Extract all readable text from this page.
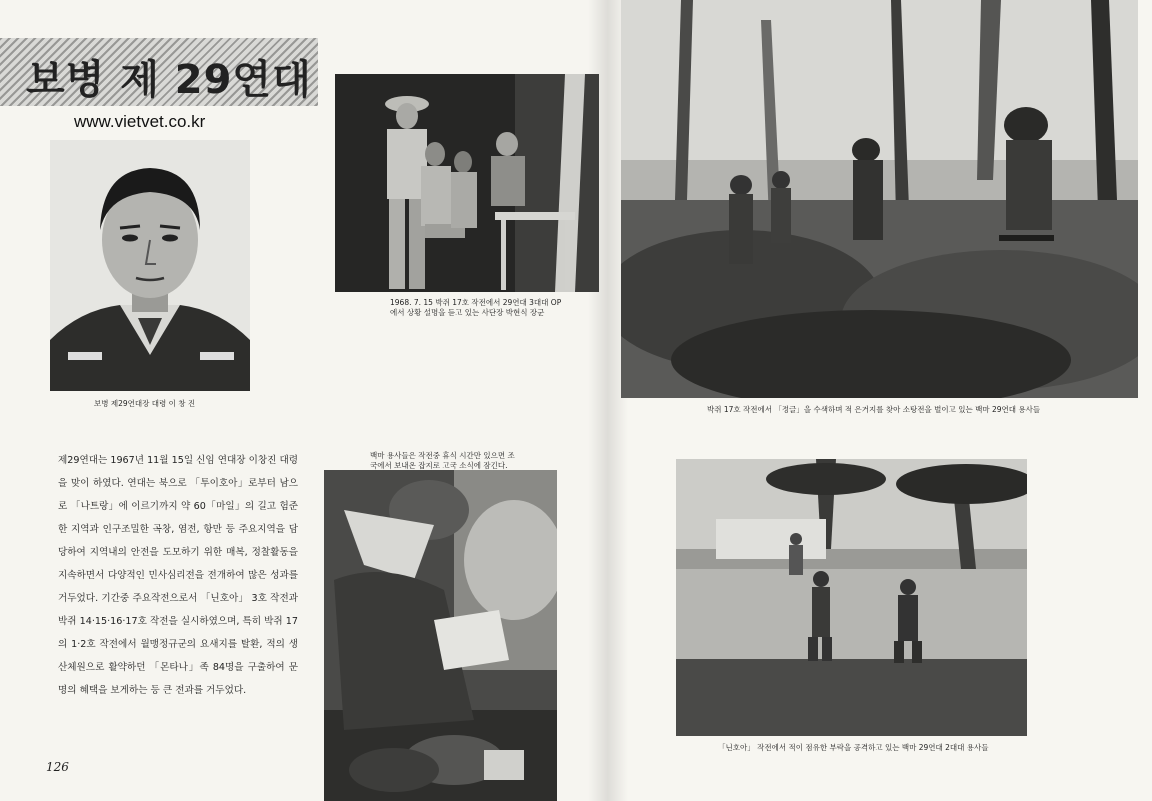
보병 제 29연대
www.vietvet.co.kr
보병 제29연대장 대령 이 창 진
1968. 7. 15 박쥐 17호 작전에서 29연대 3대대 OP
에서 상황 설명을 듣고 있는 사단장 박현식 장군
박쥐 17호 작전에서 「정글」을 수색하며 적 은거지를 찾아 소탕전을 벌이고 있는 백마 29연대 용사들
제29연대는 1967년 11월 15일 신임 연대장 이창진 대령을 맞이 하였다. 연대는 북으로 「투이호아」로부터 남으로 「나트랑」에 이르기까지 약 60「마일」의 길고 험준한 지역과 인구조밀한 곡창, 염전, 항만 등 주요지역을 담당하여 지역내의 안전을 도모하기 위한 매복, 정찰활동을 지속하면서 다양적인 민사심리전을 전개하여 많은 성과를 거두었다. 기간중 주요작전으로서 「닌호아」 3호 작전과 박쥐 14·15·16·17호 작전을 실시하였으며, 특히 박쥐 17의 1·2호 작전에서 월맹정규군의 요새지를 탈환, 적의 생산체원으로 활약하던 「몬타나」족 84명을 구출하여 문명의 혜택을 보게하는 등 큰 전과를 거두었다.
백마 용사들은 작전중 휴식 시간만 있으면 조
국에서 보내온 잡지로 고국 소식에 잠긴다.
「닌호아」 작전에서 적이 점유한 부락을 공격하고 있는 백마 29연대 2대대 용사들
126
